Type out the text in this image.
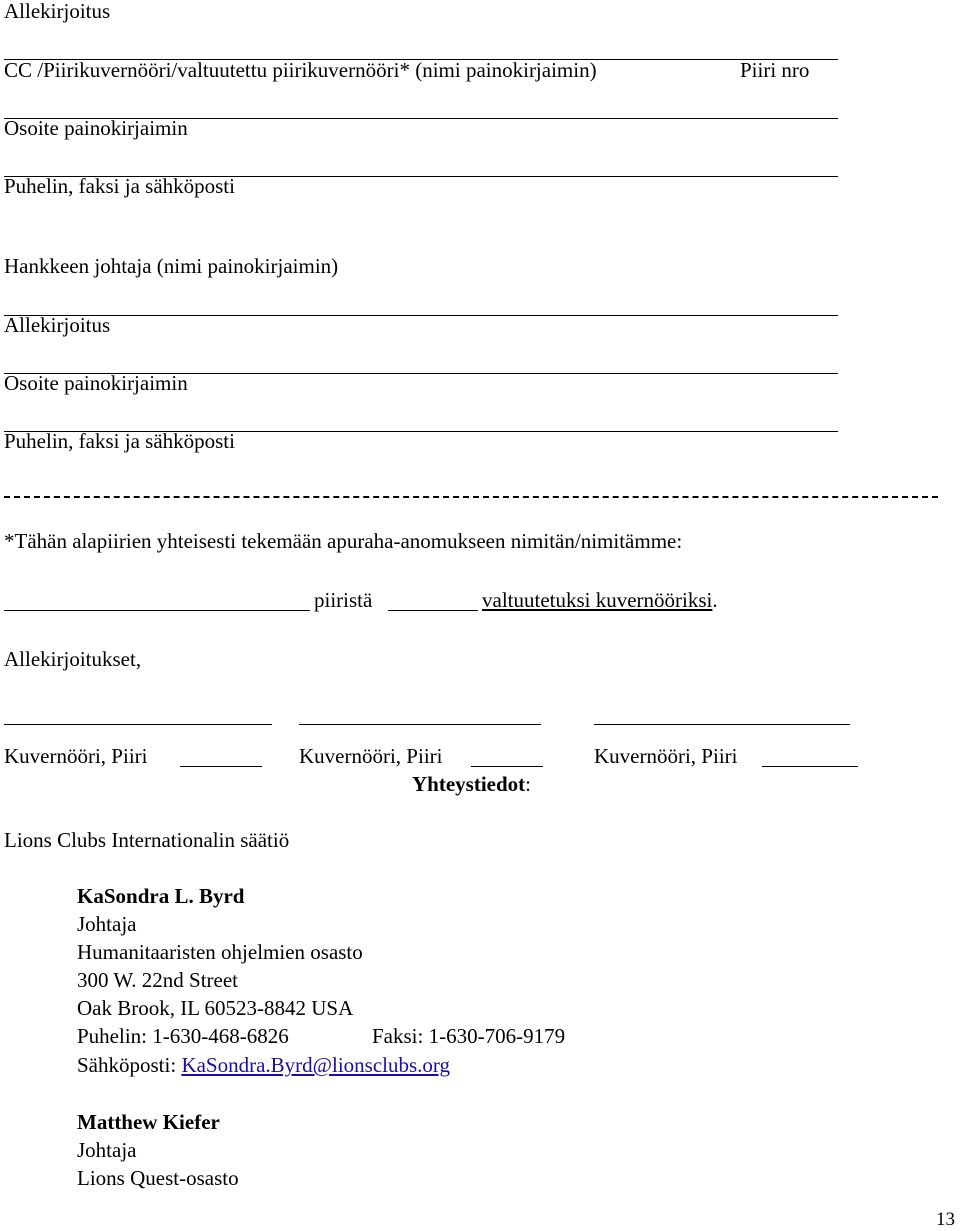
Allekirjoitus
CC /Piirikuvernööri/valtuutettu piirikuvernööri* (nimi painokirjaimin)	Piiri nro
Osoite painokirjaimin
Puhelin, faksi ja sähköposti
Hankkeen johtaja (nimi painokirjaimin)
Allekirjoitus
Osoite painokirjaimin
Puhelin, faksi ja sähköposti
*Tähän alapiirien yhteisesti tekemään apuraha-anomukseen nimitän/nimitämme:
piiristä	valtuutetuksi kuvernööriksi.
Allekirjoitukset,
Kuvernööri, Piiri	Kuvernööri, Piiri	Kuvernööri, Piiri
Yhteystiedot:
Lions Clubs Internationalin säätiö
KaSondra L. Byrd
Johtaja
Humanitaaristen ohjelmien osasto
300 W. 22nd Street
Oak Brook, IL 60523-8842 USA
Puhelin: 1-630-468-6826	Faksi: 1-630-706-9179
Sähköposti: KaSondra.Byrd@lionsclubs.org
Matthew Kiefer
Johtaja
Lions Quest-osasto
13
